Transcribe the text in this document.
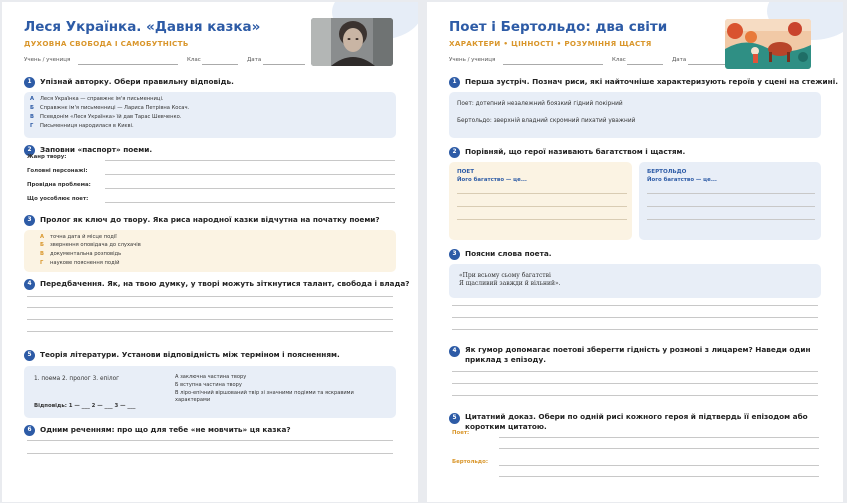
Леся Українка. «Давня казка»
ДУХОВНА СВОБОДА І САМОБУТНІСТЬ
Учень / учениця	Клас	Дата
1	Упізнай авторку. Обери правильну відповідь.
А Леся Українка — справжнє ім'я письменниці.
Б Справжнє ім'я письменниці — Лариса Петрівна Косач.
В Псевдонім «Леся Українка» їй дав Тарас Шевченко.
Г Письменниця народилася в Києві.
2	Заповни «паспорт» поеми.
Жанр твору:
Головні персонажі:
Провідна проблема:
Що уособлює поет:
3	Пролог як ключ до твору. Яка риса народної казки відчутна на початку поеми?
А точна дата й місце події
Б звернення оповідача до слухачів
В документальна розповідь
Г наукове пояснення подій
4	Передбачення. Як, на твою думку, у творі можуть зіткнутися талант, свобода і влада?
5	Теорія літератури. Установи відповідність між терміном і поясненням.
1. поема 2. пролог 3. епілог	А заключна частина твору
Б вступна частина твору
В ліро-епічний віршований твір зі значними подіями та яскравими
характерами
Відповідь: 1 — ___ 2 — ___ 3 — ___
6	Одним реченням: про що для тебе «не мовчить» ця казка?
Поет і Бертольдо: два світи
ХАРАКТЕРИ • ЦІННОСТІ • РОЗУМІННЯ ЩАСТЯ
Учень / учениця	Клас	Дата
1	Перша зустріч. Познач риси, які найточніше характеризують героїв у сцені на стежині.
Поет: дотепний незалежний боязкий гідний покірний
Бертольдо: зверхній владний скромний пихатий уважний
2	Порівняй, що герої називають багатством і щастям.
ПОЕТ
Його багатство — це...
БЕРТОЛЬДО
Його багатство — це...
3	Поясни слова поета.
«При всьому сьому багатстві
Я щасливий завжди й вільний».
4	Як гумор допомагає поетові зберегти гідність у розмові з лицарем? Наведи один приклад з епізоду.
5	Цитатний доказ. Обери по одній рисі кожного героя й підтвердь її епізодом або коротким цитатою.
Поет:
Бертольдо:
